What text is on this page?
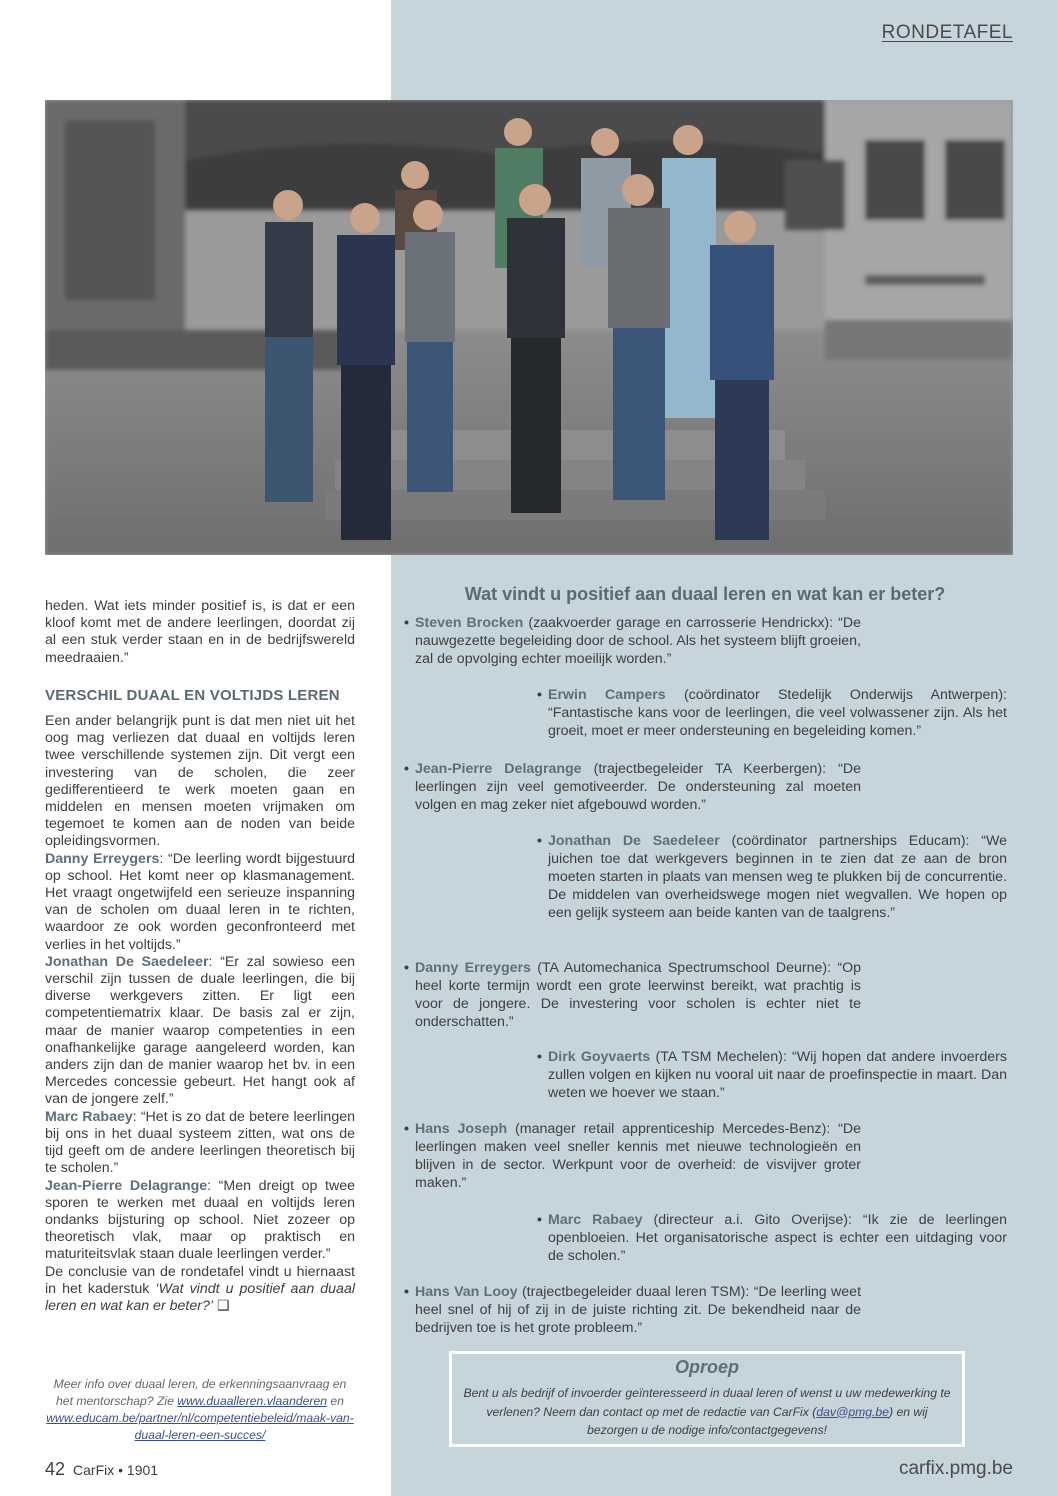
RONDETAFEL

heden. Wat iets minder positief is, is dat er een kloof komt met de andere leerlingen, doordat zij al een stuk verder staan en in de bedrijfswereld meedraaien.”

VERSCHIL DUAAL EN VOLTIJDS LEREN

Een ander belangrijk punt is dat men niet uit het oog mag verliezen dat duaal en voltijds leren twee verschillende systemen zijn. Dit vergt een investering van de scholen, die zeer gedifferentieerd te werk moeten gaan en middelen en mensen moeten vrijmaken om tegemoet te komen aan de noden van beide opleidingsvormen.

Danny Erreygers: “De leerling wordt bijgestuurd op school. Het komt neer op klasmanagement. Het vraagt ongetwijfeld een serieuze inspanning van de scholen om duaal leren in te richten, waardoor ze ook worden geconfronteerd met verlies in het voltijds.”

Jonathan De Saedeleer: “Er zal sowieso een verschil zijn tussen de duale leerlingen, die bij diverse werkgevers zitten. Er ligt een competentiematrix klaar. De basis zal er zijn, maar de manier waarop competenties in een onafhankelijke garage aangeleerd worden, kan anders zijn dan de manier waarop het bv. in een Mercedes concessie gebeurt. Het hangt ook af van de jongere zelf.”

Marc Rabaey: “Het is zo dat de betere leerlingen bij ons in het duaal systeem zitten, wat ons de tijd geeft om de andere leerlingen theoretisch bij te scholen.”

Jean-Pierre Delagrange: “Men dreigt op twee sporen te werken met duaal en voltijds leren ondanks bijsturing op school. Niet zozeer op theoretisch vlak, maar op praktisch en maturiteitsvlak staan duale leerlingen verder.”

De conclusie van de rondetafel vindt u hiernaast in het kaderstuk ‘Wat vindt u positief aan duaal leren en wat kan er beter?’ ❑

Meer info over duaal leren, de erkenningsaanvraag en het mentorschap? Zie www.duaalleren.vlaanderen en www.educam.be/partner/nl/competentiebeleid/maak-van-duaal-leren-een-succes/
Wat vindt u positief aan duaal leren en wat kan er beter?
• Steven Brocken (zaakvoerder garage en carrosserie Hendrickx): “De nauwgezette begeleiding door de school. Als het systeem blijft groeien, zal de opvolging echter moeilijk worden.”
• Erwin Campers (coördinator Stedelijk Onderwijs Antwerpen): “Fantastische kans voor de leerlingen, die veel volwassener zijn. Als het groeit, moet er meer ondersteuning en begeleiding komen.”
• Jean-Pierre Delagrange (trajectbegeleider TA Keerbergen): “De leerlingen zijn veel gemotiveerder. De ondersteuning zal moeten volgen en mag zeker niet afgebouwd worden.”
• Jonathan De Saedeleer (coördinator partnerships Educam): “We juichen toe dat werkgevers beginnen in te zien dat ze aan de bron moeten starten in plaats van mensen weg te plukken bij de concurrentie. De middelen van overheidswege mogen niet wegvallen. We hopen op een gelijk systeem aan beide kanten van de taalgrens.”
• Danny Erreygers (TA Automechanica Spectrumschool Deurne): “Op heel korte termijn wordt een grote leerwinst bereikt, wat prachtig is voor de jongere. De investering voor scholen is echter niet te onderschatten.”
• Dirk Goyvaerts (TA TSM Mechelen): “Wij hopen dat andere invoerders zullen volgen en kijken nu vooral uit naar de proefinspectie in maart. Dan weten we hoever we staan.”
• Hans Joseph (manager retail apprenticeship Mercedes-Benz): “De leerlingen maken veel sneller kennis met nieuwe technologieën en blijven in de sector. Werkpunt voor de overheid: de visvijver groter maken.”
• Marc Rabaey (directeur a.i. Gito Overijse): “Ik zie de leerlingen openbloeien. Het organisatorische aspect is echter een uitdaging voor de scholen.”
• Hans Van Looy (trajectbegeleider duaal leren TSM): “De leerling weet heel snel of hij of zij in de juiste richting zit. De bekendheid naar de bedrijven toe is het grote probleem.”
Oproep
Bent u als bedrijf of invoerder geïnteresseerd in duaal leren of wenst u uw medewerking te verlenen? Neem dan contact op met de redactie van CarFix (dav@pmg.be) en wij bezorgen u de nodige info/contactgegevens!
42 CarFix • 1901	carfix.pmg.be
